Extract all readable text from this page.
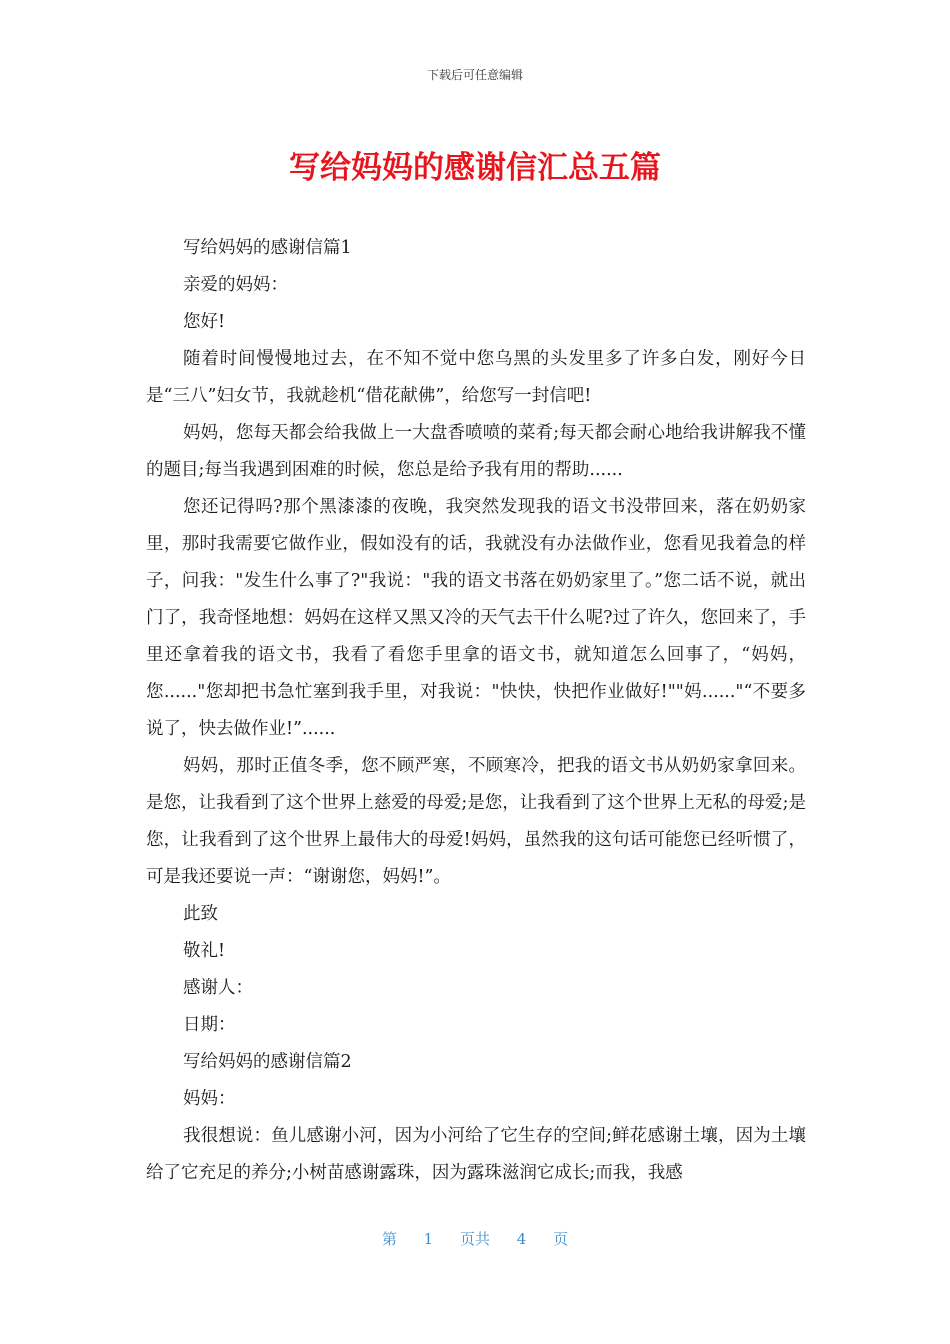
下载后可任意编辑
写给妈妈的感谢信汇总五篇

写给妈妈的感谢信篇1

亲爱的妈妈：

您好!

随着时间慢慢地过去，在不知不觉中您乌黑的头发里多了许多白发，刚好今日是“三八”妇女节，我就趁机“借花献佛”，给您写一封信吧!

妈妈，您每天都会给我做上一大盘香喷喷的菜肴;每天都会耐心地给我讲解我不懂的题目;每当我遇到困难的时候，您总是给予我有用的帮助......

您还记得吗?那个黑漆漆的夜晚，我突然发现我的语文书没带回来，落在奶奶家里，那时我需要它做作业，假如没有的话，我就没有办法做作业，您看见我着急的样子，问我："发生什么事了?"我说："我的语文书落在奶奶家里了。”您二话不说，就出门了，我奇怪地想：妈妈在这样又黑又冷的天气去干什么呢?过了许久，您回来了，手里还拿着我的语文书，我看了看您手里拿的语文书，就知道怎么回事了，“妈妈，您......"您却把书急忙塞到我手里，对我说："快快，快把作业做好!""妈......"“不要多说了，快去做作业!”......

妈妈，那时正值冬季，您不顾严寒，不顾寒冷，把我的语文书从奶奶家拿回来。是您，让我看到了这个世界上慈爱的母爱;是您，让我看到了这个世界上无私的母爱;是您，让我看到了这个世界上最伟大的母爱!妈妈，虽然我的这句话可能您已经听惯了，可是我还要说一声：“谢谢您，妈妈!”。

此致

敬礼!

感谢人：

日期：

写给妈妈的感谢信篇2

妈妈：

我很想说：鱼儿感谢小河，因为小河给了它生存的空间;鲜花感谢土壤，因为土壤给了它充足的养分;小树苗感谢露珠，因为露珠滋润它成长;而我，我感

第 1 页共 4 页
